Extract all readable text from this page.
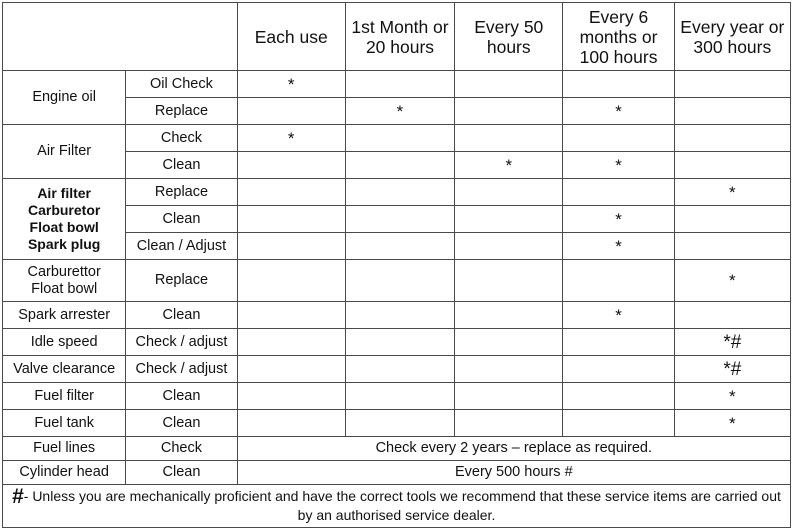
		Each use	1st Month or 20 hours	Every 50 hours	Every 6 months or 100 hours	Every year or 300 hours
Engine oil	Oil Check	*				
	Replace		*		*	
Air Filter	Check	*				
	Clean			*	*	

Air filter
Carburetor
Float bowl
Spark plug	Replace					*
	Clean				*	
	Clean / Adjust				*	

Carburettor
Float bowl	Replace					*
Spark arrester	Clean				*	
Idle speed	Check / adjust					*#
Valve clearance	Check / adjust					*#
Fuel filter	Clean					*
Fuel tank	Clean					*
Fuel lines	Check	Check every 2 years – replace as required.				
Cylinder head	Clean	Every 500 hours #				
#- Unless you are mechanically proficient and have the correct tools we recommend that these service items are carried out by an authorised service dealer.						
